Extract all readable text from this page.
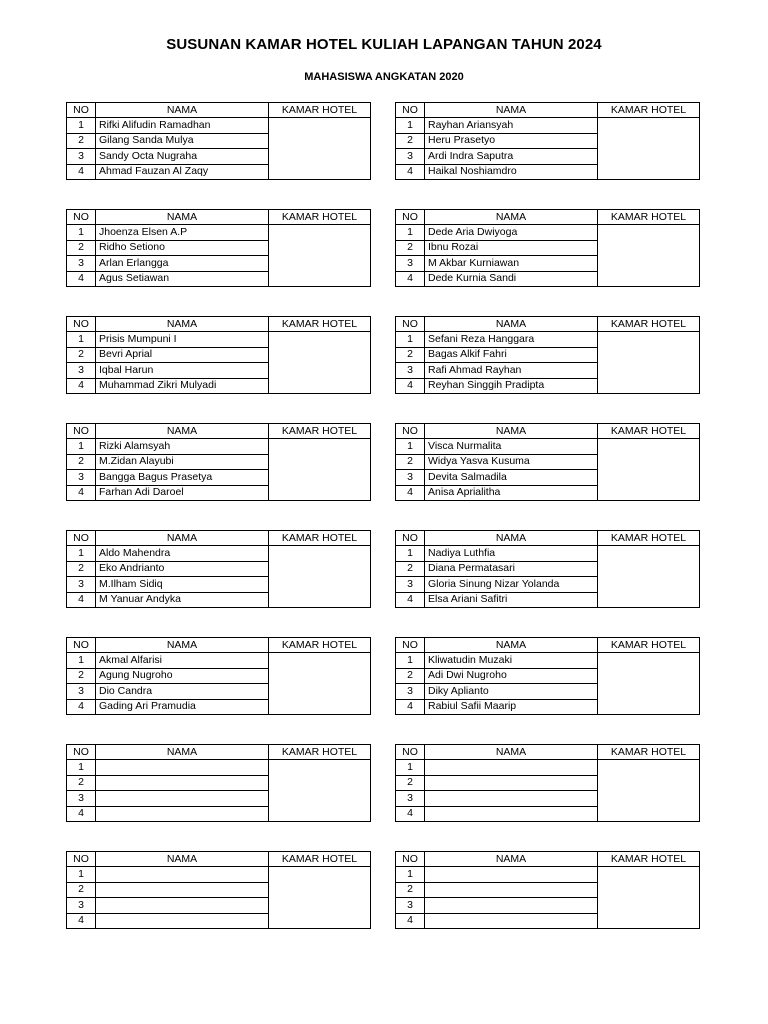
SUSUNAN KAMAR HOTEL KULIAH LAPANGAN TAHUN 2024
MAHASISWA ANGKATAN 2020
NO	NAMA	KAMAR HOTEL
1	Rifki Alifudin Ramadhan	
2	Gilang Sanda Mulya	
3	Sandy Octa Nugraha	
4	Ahmad Fauzan Al Zaqy	
NO	NAMA	KAMAR HOTEL
1	Rayhan Ariansyah	
2	Heru Prasetyo	
3	Ardi Indra Saputra	
4	Haikal Noshiamdro	
NO	NAMA	KAMAR HOTEL
1	Jhoenza Elsen A.P	
2	Ridho Setiono	
3	Arlan Erlangga	
4	Agus Setiawan	
NO	NAMA	KAMAR HOTEL
1	Dede Aria Dwiyoga	
2	Ibnu Rozai	
3	M Akbar Kurniawan	
4	Dede Kurnia Sandi	
NO	NAMA	KAMAR HOTEL
1	Prisis Mumpuni I	
2	Bevri Aprial	
3	Iqbal Harun	
4	Muhammad Zikri Mulyadi	
NO	NAMA	KAMAR HOTEL
1	Sefani Reza Hanggara	
2	Bagas Alkif Fahri	
3	Rafi Ahmad Rayhan	
4	Reyhan Singgih Pradipta	
NO	NAMA	KAMAR HOTEL
1	Rizki Alamsyah	
2	M.Zidan Alayubi	
3	Bangga Bagus Prasetya	
4	Farhan Adi Daroel	
NO	NAMA	KAMAR HOTEL
1	Visca Nurmalita	
2	Widya Yasva Kusuma	
3	Devita Salmadila	
4	Anisa Aprialitha	
NO	NAMA	KAMAR HOTEL
1	Aldo Mahendra	
2	Eko Andrianto	
3	M.Ilham Sidiq	
4	M Yanuar Andyka	
NO	NAMA	KAMAR HOTEL
1	Nadiya Luthfia	
2	Diana Permatasari	
3	Gloria Sinung Nizar Yolanda	
4	Elsa Ariani Safitri	
NO	NAMA	KAMAR HOTEL
1	Akmal Alfarisi	
2	Agung Nugroho	
3	Dio Candra	
4	Gading Ari Pramudia	
NO	NAMA	KAMAR HOTEL
1	Kliwatudin Muzaki	
2	Adi Dwi Nugroho	
3	Diky Aplianto	
4	Rabiul Safii Maarip	
NO	NAMA	KAMAR HOTEL
1		
2		
3		
4		
NO	NAMA	KAMAR HOTEL
1		
2		
3		
4		
NO	NAMA	KAMAR HOTEL
1		
2		
3		
4		
NO	NAMA	KAMAR HOTEL
1		
2		
3		
4		
